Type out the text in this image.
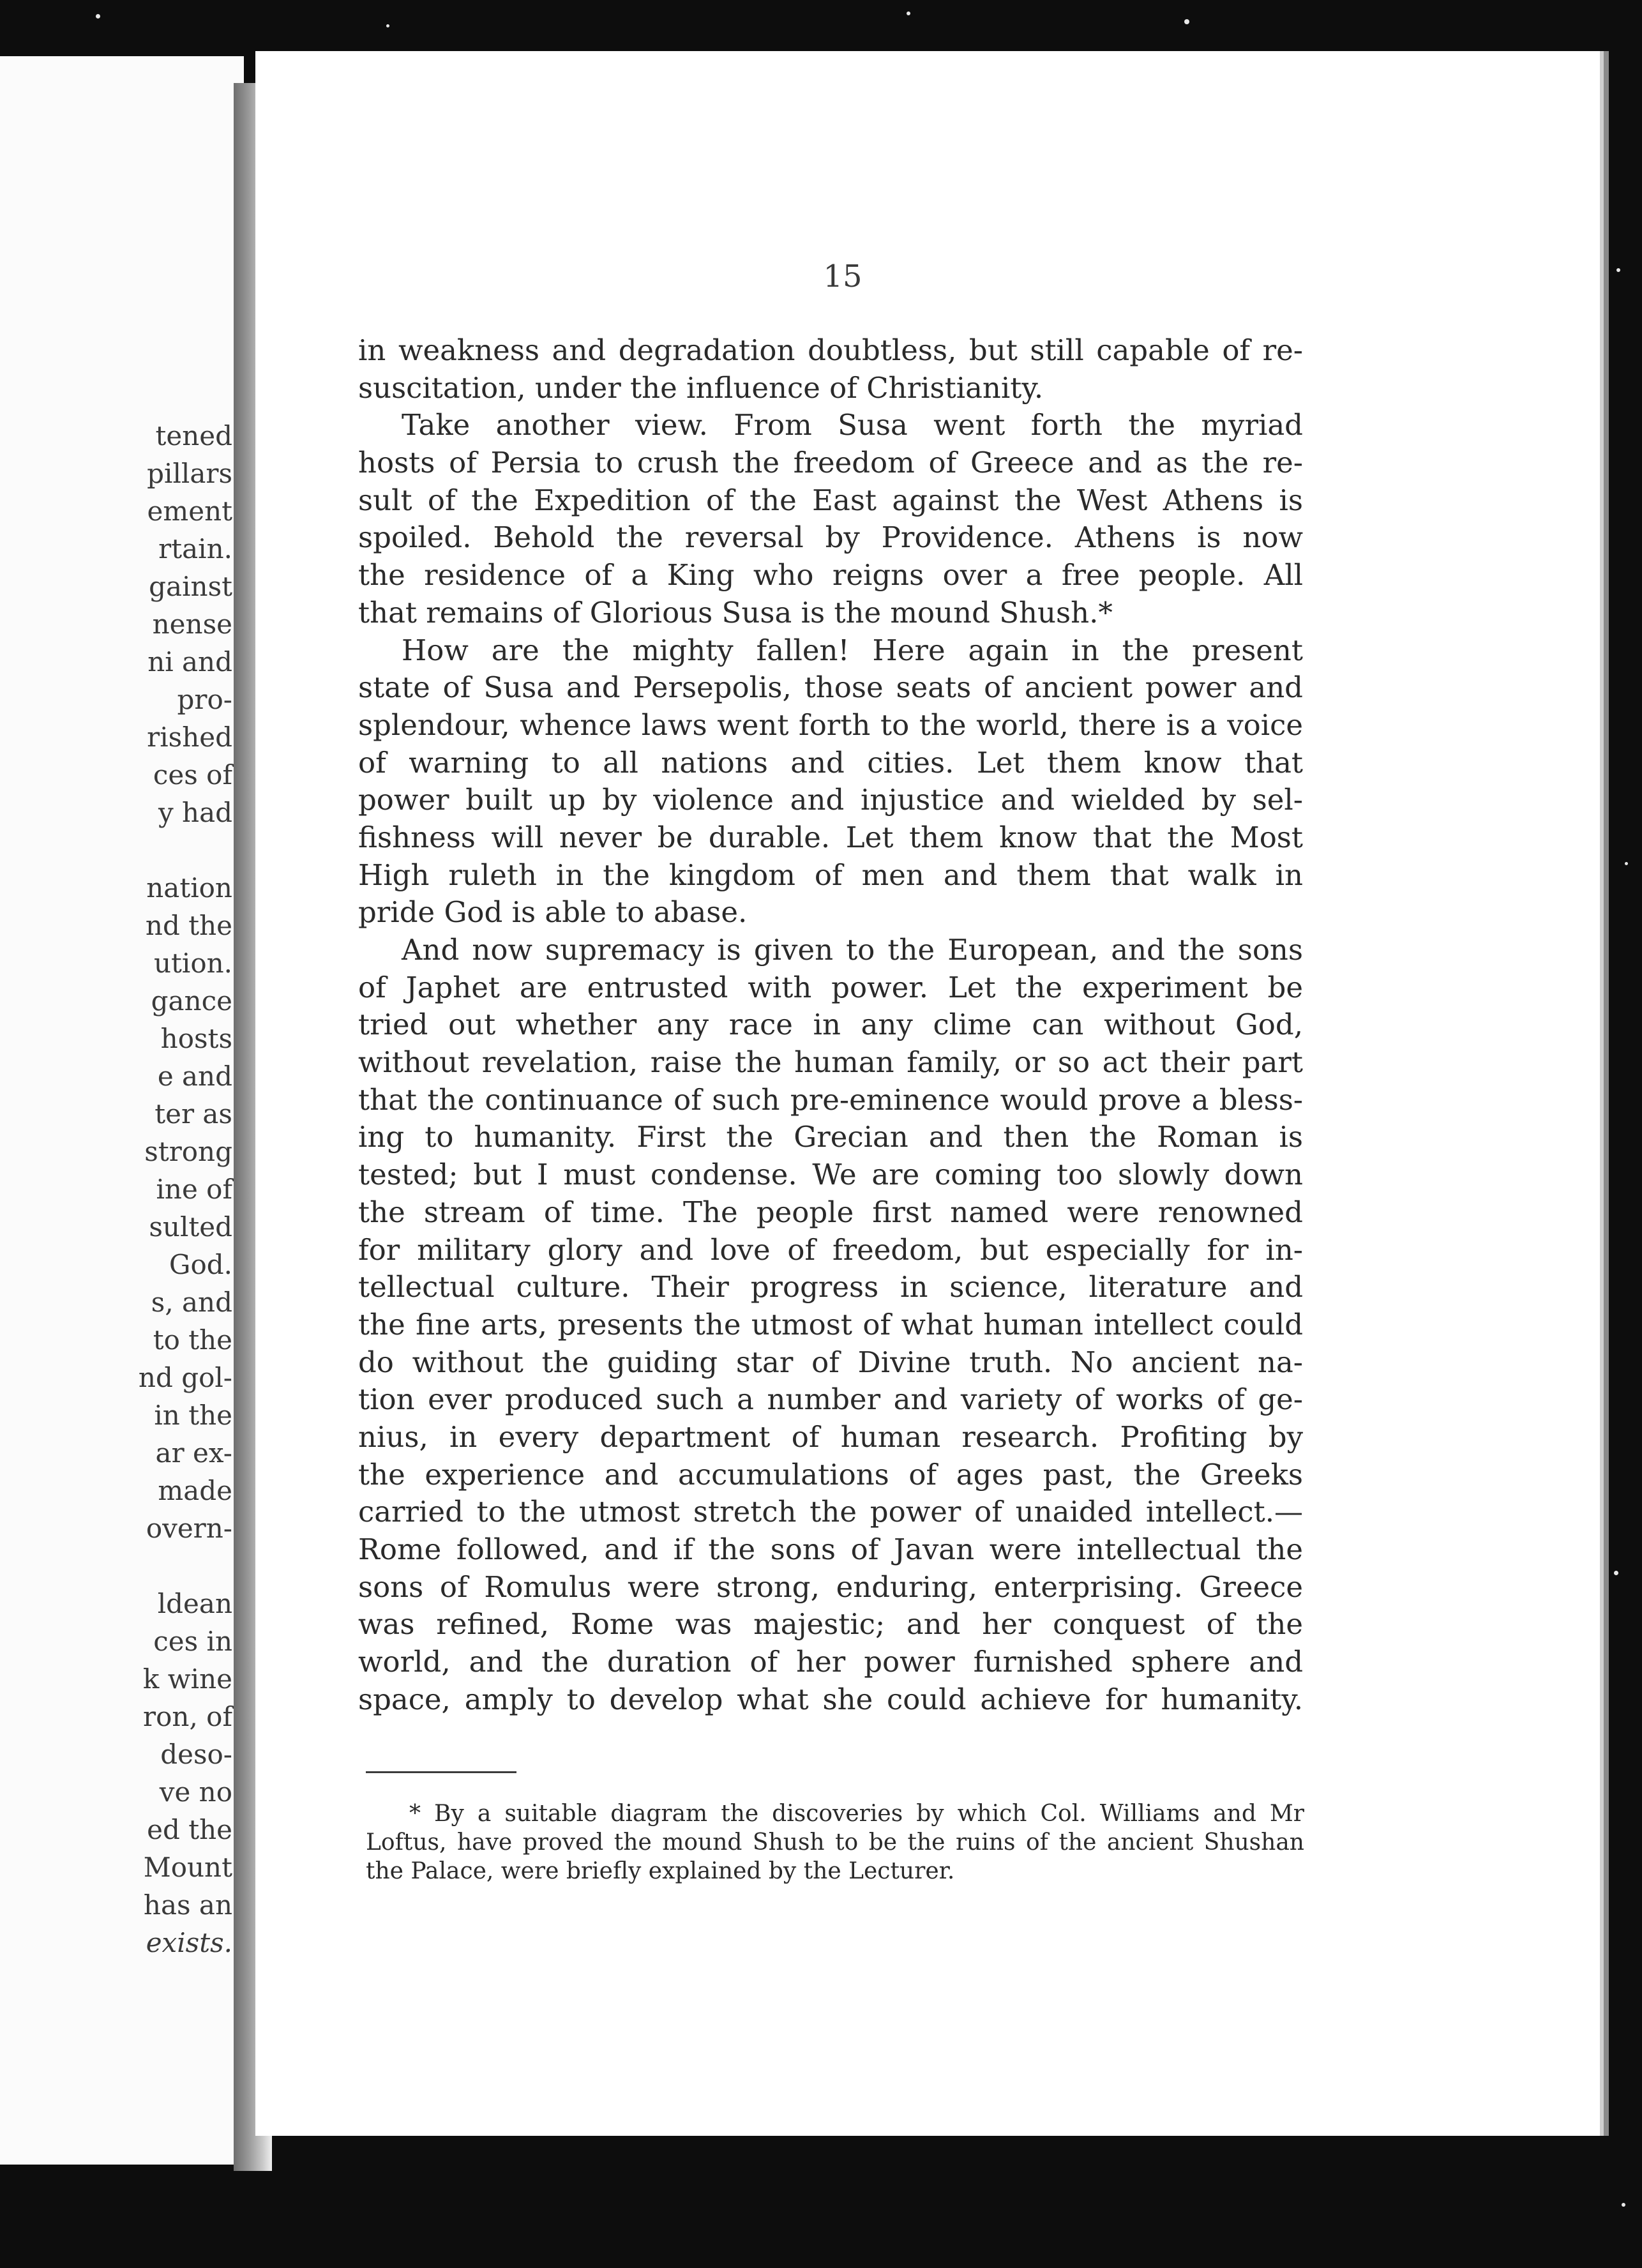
tened
pillars
ement
rtain.
gainst
nense
ni and
pro-
rished
ces of
y had
nation
nd the
ution.
gance
hosts
e and
ter as
strong
ine of
sulted
God.
s, and
to the
nd gol-
in the
ar ex-
made
overn-
ldean
ces in
k wine
ron, of
deso-
ve no
ed the
Mount
has an
exists.
15
in weakness and degradation doubtless, but still capable of re-
suscitation, under the influence of Christianity.
Take another view. From Susa went forth the myriad
hosts of Persia to crush the freedom of Greece and as the re-
sult of the Expedition of the East against the West Athens is
spoiled. Behold the reversal by Providence. Athens is now
the residence of a King who reigns over a free people. All
that remains of Glorious Susa is the mound Shush.*
How are the mighty fallen! Here again in the present
state of Susa and Persepolis, those seats of ancient power and
splendour, whence laws went forth to the world, there is a voice
of warning to all nations and cities. Let them know that
power built up by violence and injustice and wielded by sel-
fishness will never be durable. Let them know that the Most
High ruleth in the kingdom of men and them that walk in
pride God is able to abase.
And now supremacy is given to the European, and the sons
of Japhet are entrusted with power. Let the experiment be
tried out whether any race in any clime can without God,
without revelation, raise the human family, or so act their part
that the continuance of such pre-eminence would prove a bless-
ing to humanity. First the Grecian and then the Roman is
tested; but I must condense. We are coming too slowly down
the stream of time. The people first named were renowned
for military glory and love of freedom, but especially for in-
tellectual culture. Their progress in science, literature and
the fine arts, presents the utmost of what human intellect could
do without the guiding star of Divine truth. No ancient na-
tion ever produced such a number and variety of works of ge-
nius, in every department of human research. Profiting by
the experience and accumulations of ages past, the Greeks
carried to the utmost stretch the power of unaided intellect.—
Rome followed, and if the sons of Javan were intellectual the
sons of Romulus were strong, enduring, enterprising. Greece
was refined, Rome was majestic; and her conquest of the
world, and the duration of her power furnished sphere and
space, amply to develop what she could achieve for humanity.
* By a suitable diagram the discoveries by which Col. Williams and Mr
Loftus, have proved the mound Shush to be the ruins of the ancient Shushan
the Palace, were briefly explained by the Lecturer.
